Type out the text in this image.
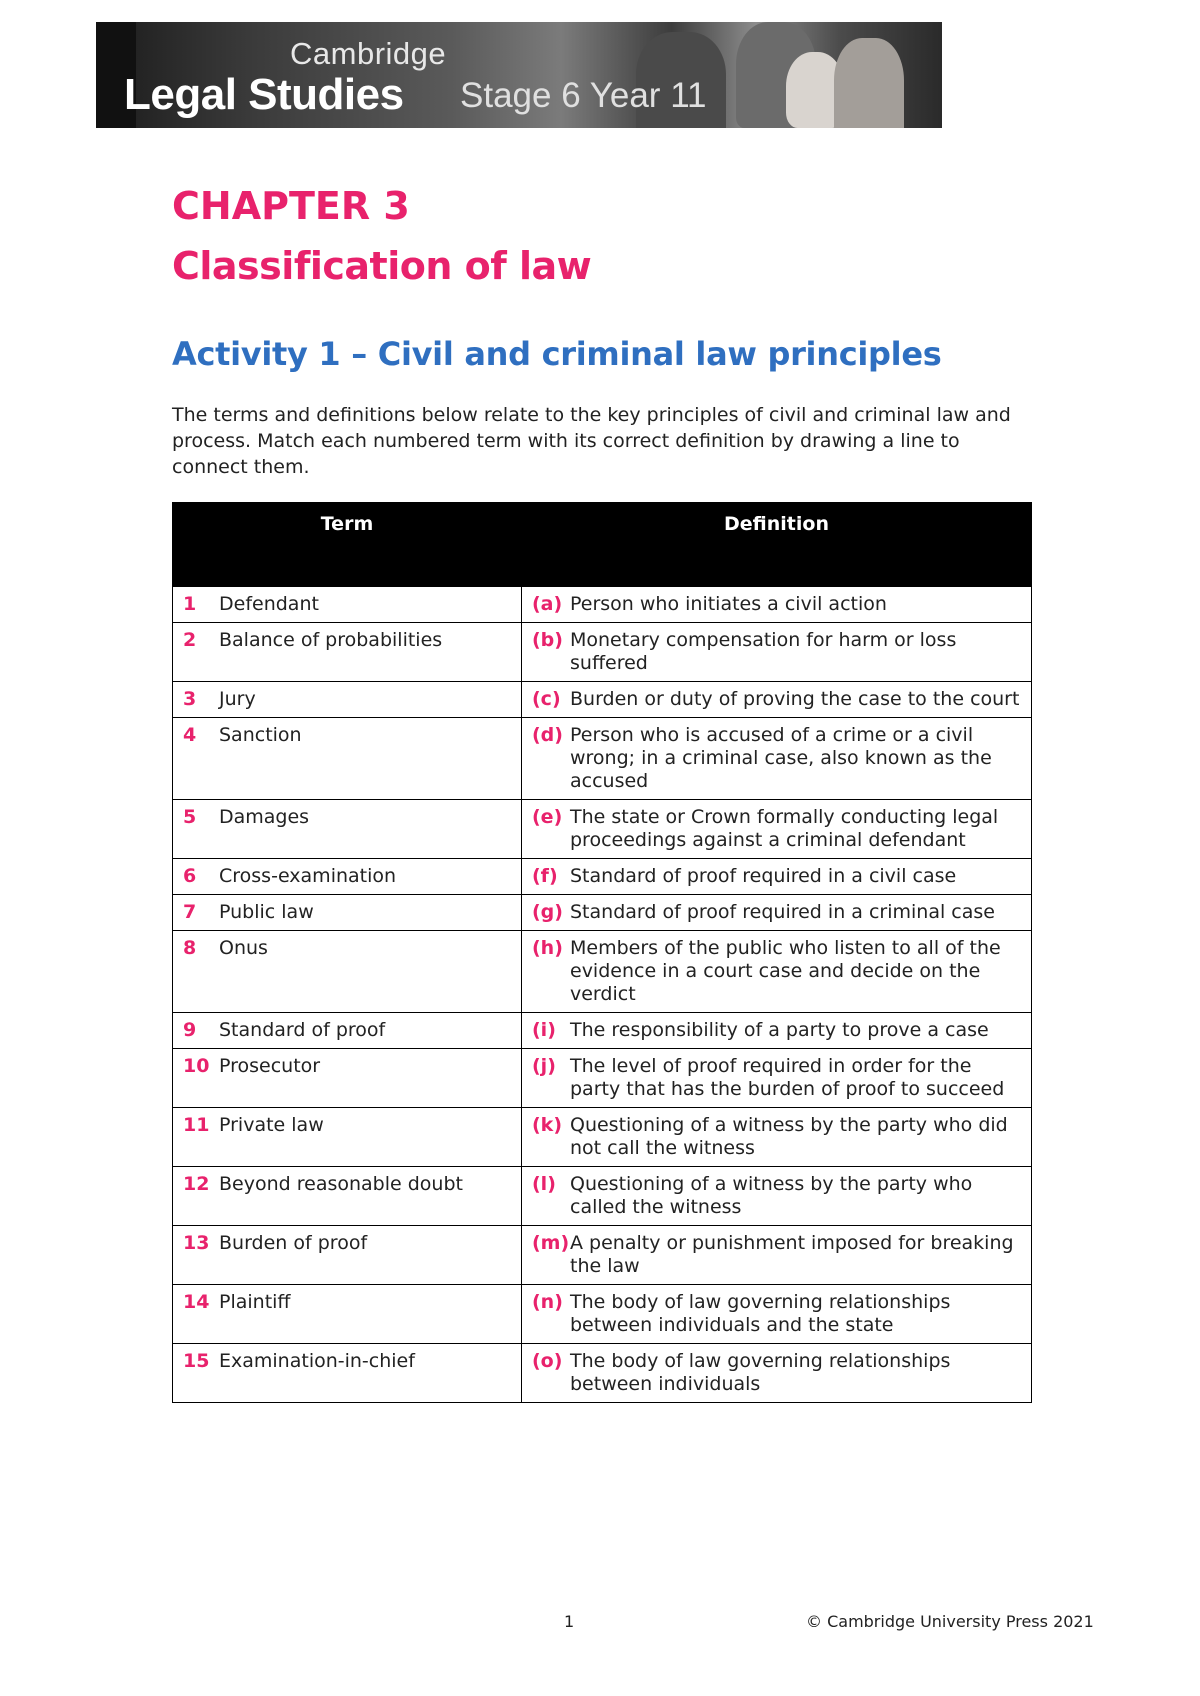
Cambridge
Legal Studies Stage 6 Year 11
CHAPTER 3
Classification of law
Activity 1 – Civil and criminal law principles

The terms and definitions below relate to the key principles of civil and criminal law and process. Match each numbered term with its correct definition by drawing a line to connect them.

Term	Definition
1 Defendant	(a) Person who initiates a civil action

2 Balance of probabilities	(b) Monetary compensation for harm or loss suffered

3 Jury	(c) Burden or duty of proving the case to the court

4 Sanction	(d) Person who is accused of a crime or a civil wrong; in a criminal case, also known as the accused

5 Damages	(e) The state or Crown formally conducting legal proceedings against a criminal defendant

6 Cross-examination	(f) Standard of proof required in a civil case

7 Public law	(g) Standard of proof required in a criminal case

8 Onus	(h) Members of the public who listen to all of the evidence in a court case and decide on the verdict

9 Standard of proof	(i) The responsibility of a party to prove a case

10 Prosecutor	(j) The level of proof required in order for the party that has the burden of proof to succeed

11 Private law	(k) Questioning of a witness by the party who did not call the witness

12 Beyond reasonable doubt	(l) Questioning of a witness by the party who called the witness

13 Burden of proof	(m) A penalty or punishment imposed for breaking the law

14 Plaintiff	(n) The body of law governing relationships between individuals and the state

15 Examination-in-chief	(o) The body of law governing relationships between individuals
1	© Cambridge University Press 2021
